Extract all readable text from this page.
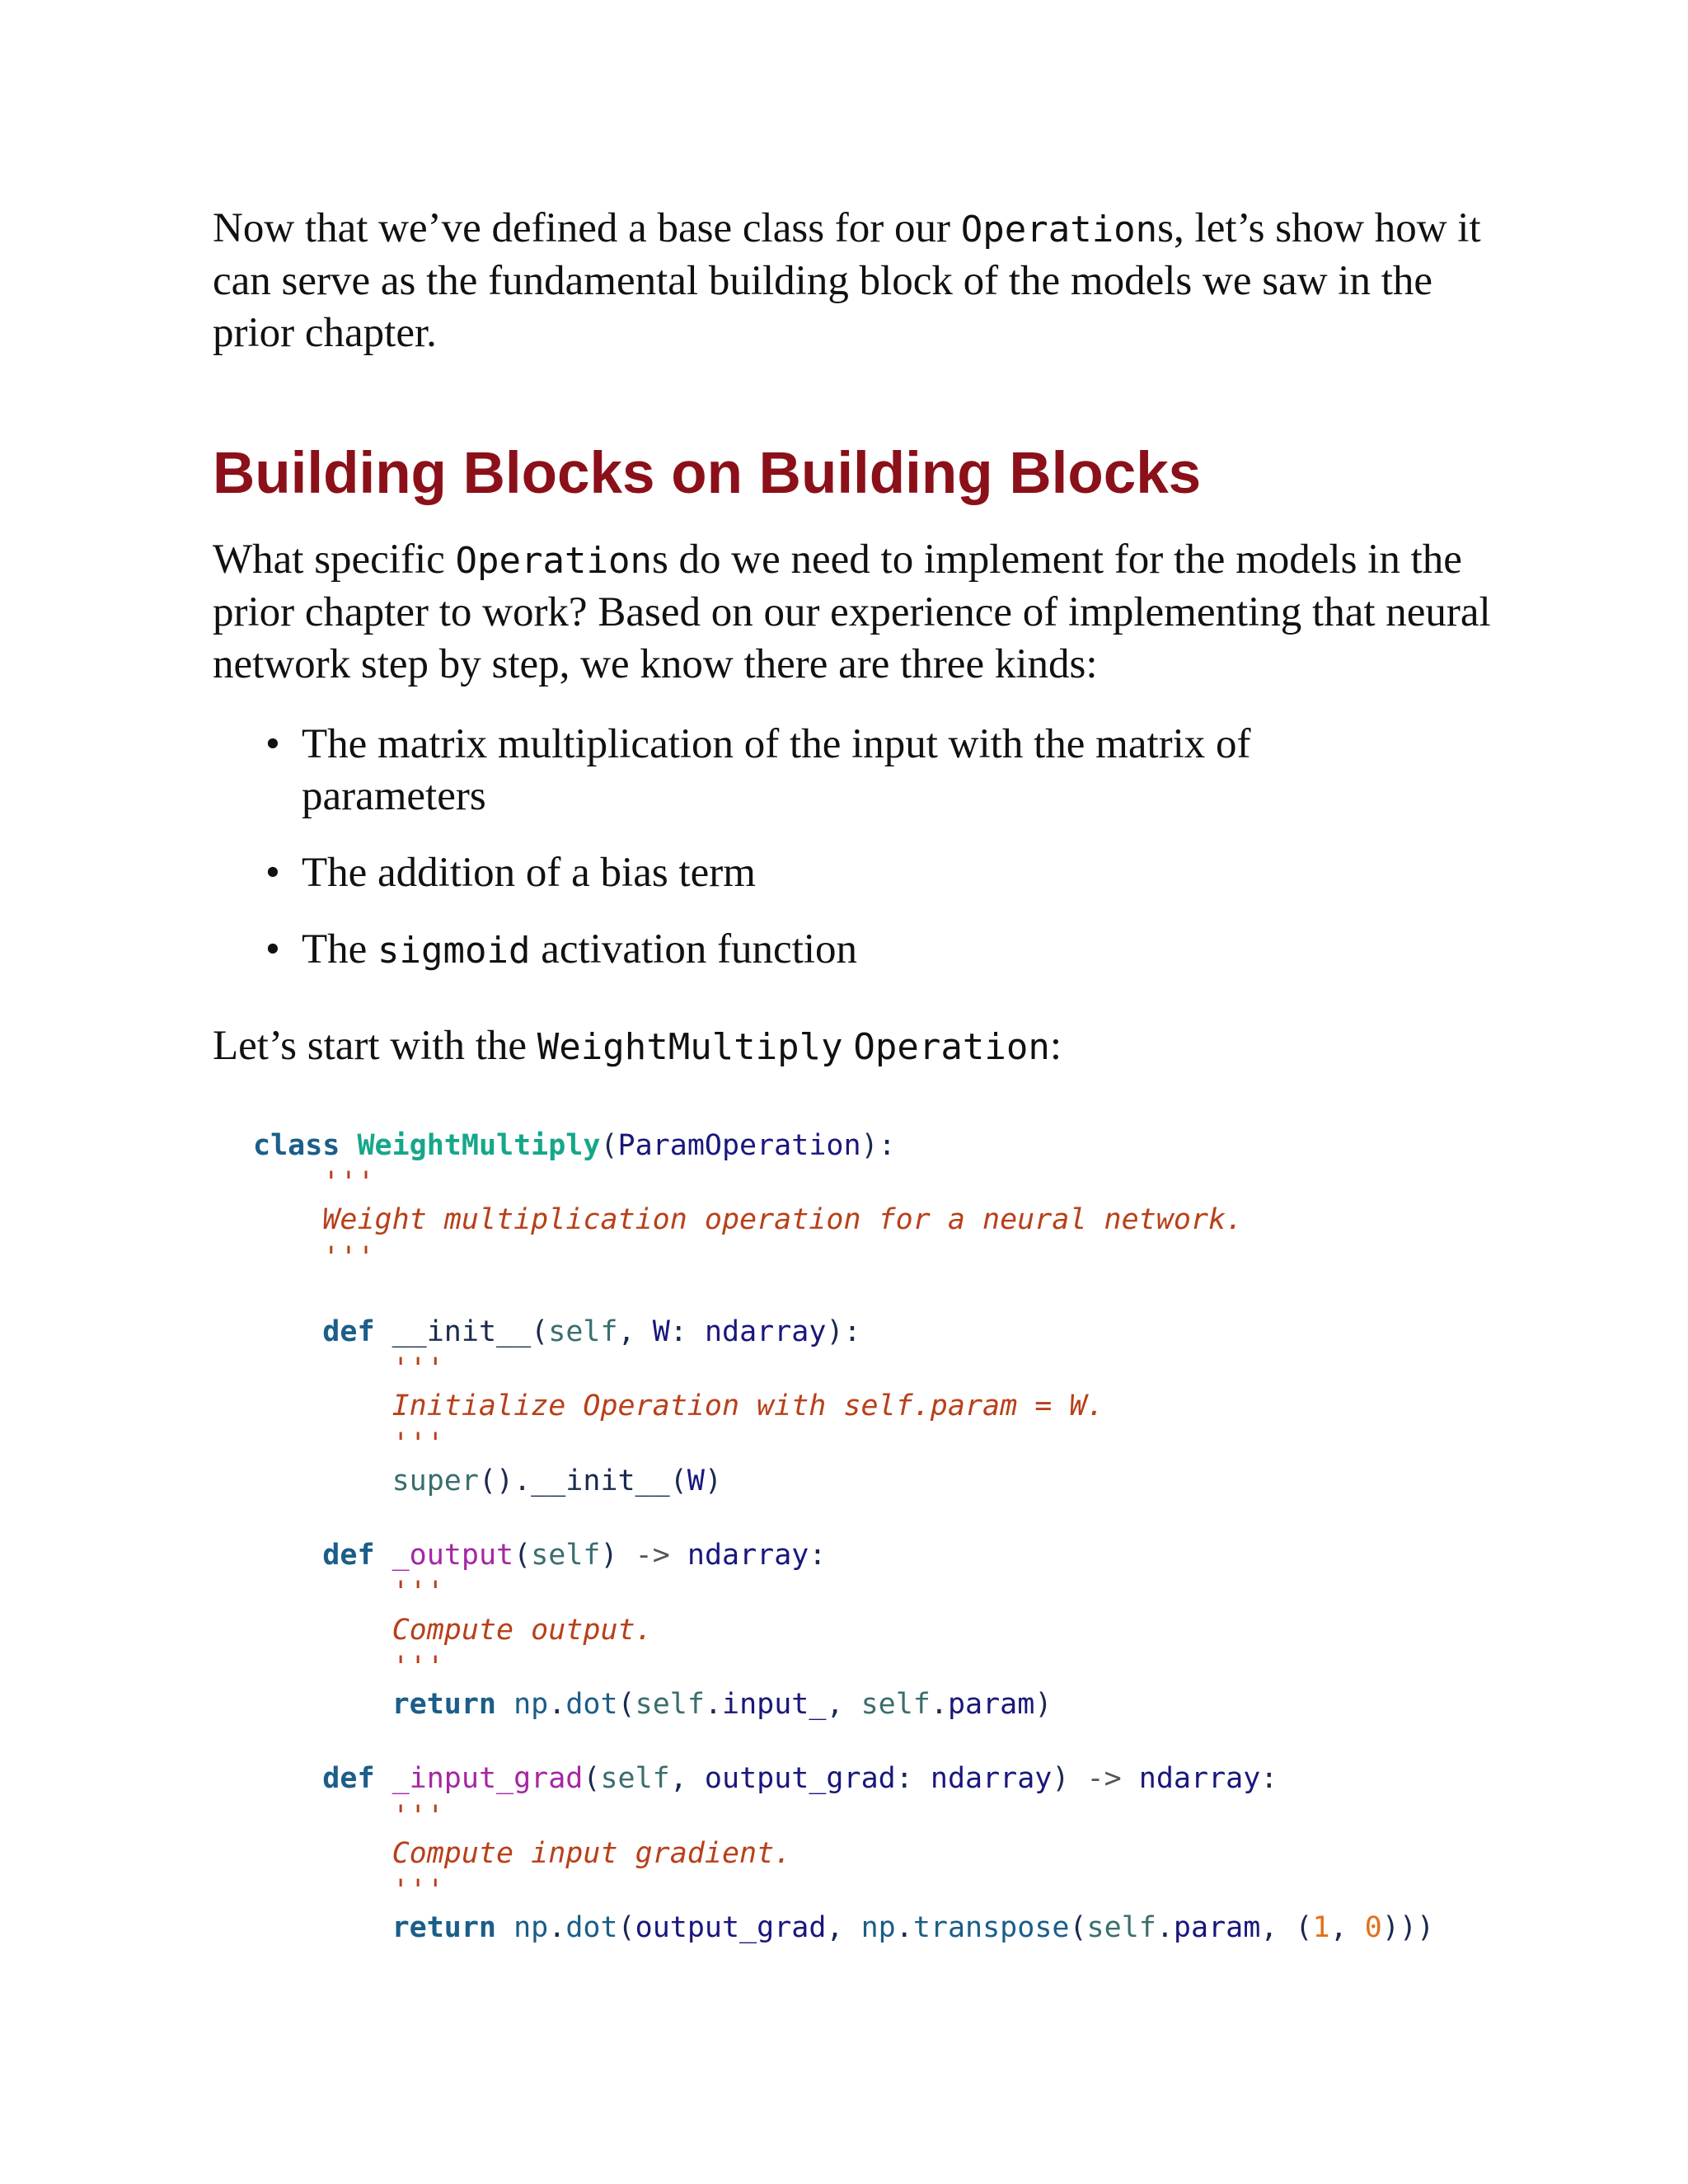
Now that we’ve defined a base class for our Operations, let’s show how it can serve as the fundamental building block of the models we saw in the prior chapter.

Building Blocks on Building Blocks

What specific Operations do we need to implement for the models in the prior chapter to work? Based on our experience of implementing that neural network step by step, we know there are three kinds:

• The matrix multiplication of the input with the matrix of parameters
• The addition of a bias term
• The sigmoid activation function

Let’s start with the WeightMultiply Operation:

class WeightMultiply(ParamOperation):
'''
Weight multiplication operation for a neural network.
'''

def __init__(self, W: ndarray):
'''
Initialize Operation with self.param = W.
'''
super().__init__(W)

def _output(self) -> ndarray:
'''
Compute output.
'''
return np.dot(self.input_, self.param)

def _input_grad(self, output_grad: ndarray) -> ndarray:
'''
Compute input gradient.
'''
return np.dot(output_grad, np.transpose(self.param, (1, 0)))
